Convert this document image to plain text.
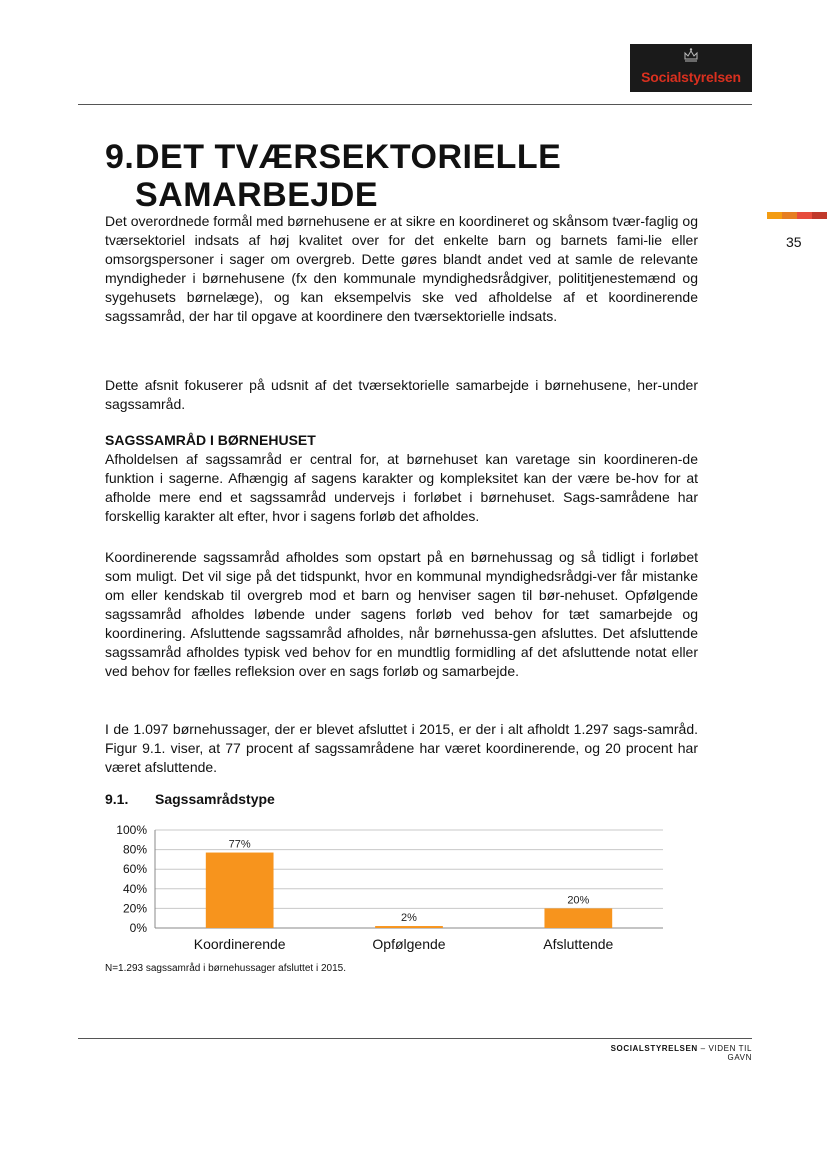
Socialstyrelsen
35
9.DET TVÆRSEKTORIELLE
SAMARBEJDE

Det overordnede formål med børnehusene er at sikre en koordineret og skånsom tvær-faglig og tværsektoriel indsats af høj kvalitet over for det enkelte barn og barnets fami-lie eller omsorgspersoner i sager om overgreb. Dette gøres blandt andet ved at samle de relevante myndigheder i børnehusene (fx den kommunale myndighedsrådgiver, polititjenestemænd og sygehusets børnelæge), og kan eksempelvis ske ved afholdelse af et koordinerende sagssamråd, der har til opgave at koordinere den tværsektorielle indsats.

Dette afsnit fokuserer på udsnit af det tværsektorielle samarbejde i børnehusene, her-under sagssamråd.

SAGSSAMRÅD I BØRNEHUSET

Afholdelsen af sagssamråd er central for, at børnehuset kan varetage sin koordineren-de funktion i sagerne. Afhængig af sagens karakter og kompleksitet kan der være be-hov for at afholde mere end et sagssamråd undervejs i forløbet i børnehuset. Sags-samrådene har forskellig karakter alt efter, hvor i sagens forløb det afholdes.

Koordinerende sagssamråd afholdes som opstart på en børnehussag og så tidligt i forløbet som muligt. Det vil sige på det tidspunkt, hvor en kommunal myndighedsrådgi-ver får mistanke om eller kendskab til overgreb mod et barn og henviser sagen til bør-nehuset. Opfølgende sagssamråd afholdes løbende under sagens forløb ved behov for tæt samarbejde og koordinering. Afsluttende sagssamråd afholdes, når børnehussa-gen afsluttes. Det afsluttende sagssamråd afholdes typisk ved behov for en mundtlig formidling af det afsluttende notat eller ved behov for fælles refleksion over en sags forløb og samarbejde.

I de 1.097 børnehussager, der er blevet afsluttet i 2015, er der i alt afholdt 1.297 sags-samråd. Figur 9.1. viser, at 77 procent af sagssamrådene har været koordinerende, og 20 procent har været afsluttende.

9.1. Sagssamrådstype
0%
20%
40%
60%
80%
100%
77%
Koordinerende
2%
Opfølgende
20%
Afsluttende

N=1.293 sagssamråd i børnehussager afsluttet i 2015.

SOCIALSTYRELSEN – VIDEN TIL GAVN
